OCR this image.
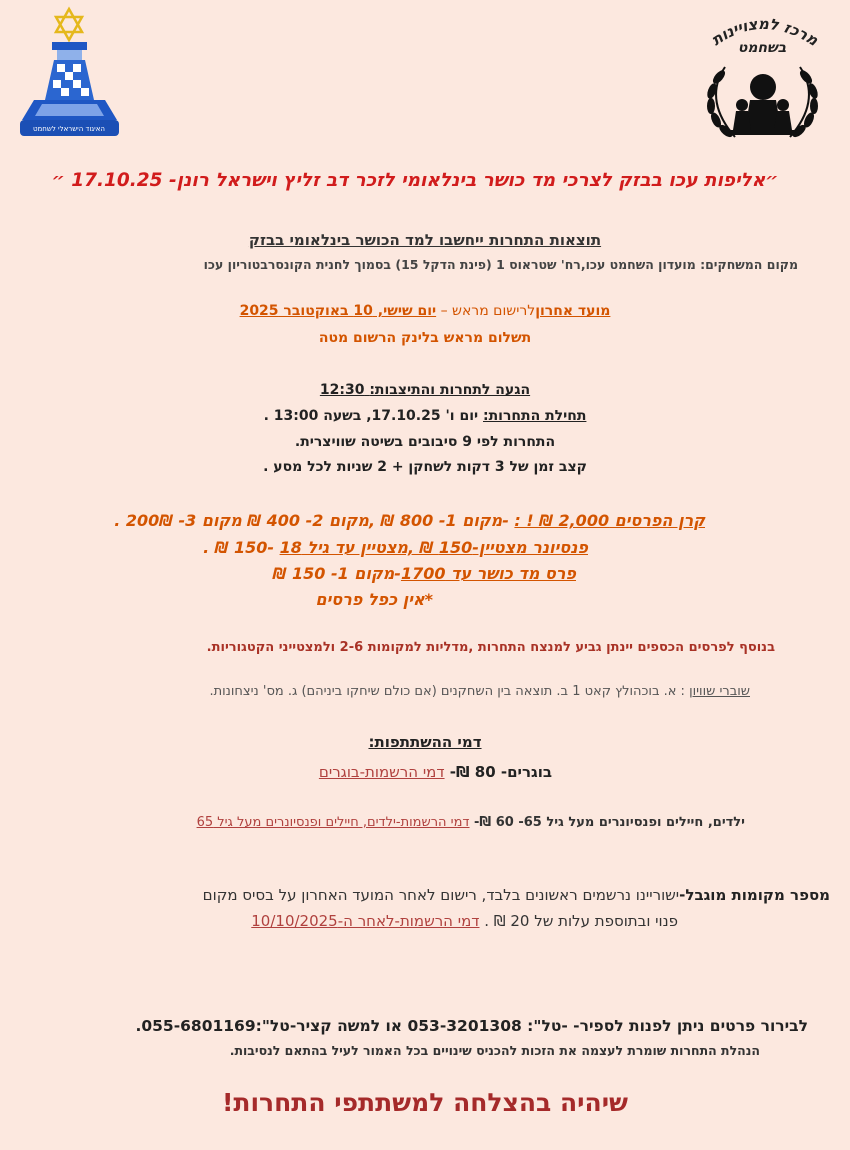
מרכז למצויינות
בשחמט
האיגוד הישראלי לשחמט
״אליפות עכו בבזק לצרכי מד כושר בינלאומי לזכר דב זליץ וישראל רונן- 17.10.25 ״
תוצאות התחרות ייחשבו למד הכושר בינלאומי בבזק
מקום המשחקים: מועדון השחמט עכו,רח' שטראוס 1 (פינת הדקל 15) בסמוך לחנית הקונסרבטוריון עכו
מועד אחרוןלרישום מראש – יום שישי, 10 באוקטובר 2025
תשלום מראש בלינק הרשום מטה
הגעה לתחרות והתיצבות: 12:30
תחילת התחרות: יום ו' 17.10.25, בשעה 13:00 .
התחרות לפי 9 סיבובים בשיטה שוויצרית.
קצב זמן של 3 דקות לשחקן + 2 שניות לכל מסע .
קרן הפרסים 2,000 ₪ ! : -מקום 1- 800 ₪ ,מקום 2- 400 ₪ מקום 3- 200₪ .
פנסיונר מצטיין-150 ₪ ,מצטיין עד גיל 18 -150 ₪ .
פרס מד כושר עד 1700-מקום 1- 150 ₪
*אין כפל פרסים
בנוסף לפרסים הכספים יינתן גביע למנצח התחרות ,מדליות למקומות 2-6 ולמצטייני הקטגוריות.
שוברי שוויון : א. בוכהולץ קאט 1 ב. תוצאה בין השחקנים (אם כולם שיחקו ביניהם) ג. מס' ניצחונות.
דמי ההשתתפות:
בוגרים- 80 ₪- דמי הרשמות-בוגרים
ילדים, חיילים ופנסיונרים מעל גיל 65- 60 ₪- דמי הרשמות-ילדים, חיילים ופנסיונרים מעל גיל 65
מספר מקומות מוגבל-ישוריינו נרשמים ראשונים בלבד, רישום לאחר המועד האחרון על בסיס מקום
פנוי ובתוספת עלות של 20 ₪ . דמי הרשמות-לאחר ה-10/10/2025
לבירור פרטים ניתן לפנות לספיר- -טל": 053-3201308 או למשה קציר-טל":055-6801169.
הנהלת התחרות שומרת לעצמה את הזכות להכניס שינויים בכל האמור לעיל בהתאם לנסיבות.
שיהיה בהצלחה למשתתפי התחרות!
